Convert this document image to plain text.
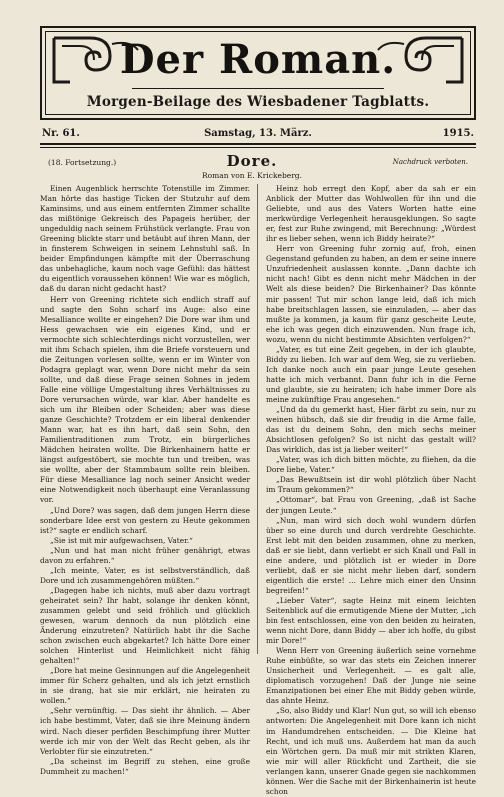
Der Roman.
Morgen-Beilage des Wiesbadener Tagblatts.
Nr. 61.	Samstag, 13. März.	1915.
(18. Fortsetzung.)	Dore.	Nachdruck verboten.
Roman von E. Krickeberg.

Einen Augenblick herrschte Totenstille im Zimmer. Man hörte das hastige Ticken der Stutzuhr auf dem Kaminsims, und aus einem entfernten Zimmer schallte das mißtönige Gekreisch des Papageis herüber, der ungeduldig nach seinem Frühstück verlangte. Frau von Greening blickte starr und betäubt auf ihren Mann, der in finsterem Schweigen in seinem Lehnstuhl saß. In beider Empfindungen kämpfte mit der Überraschung das unbehagliche, kaum noch vage Gefühl: das hättest du eigentlich voraussehen können! Wie war es möglich, daß du daran nicht gedacht hast?

Herr von Greening richtete sich endlich straff auf und sagte den Sohn scharf ins Auge: also eine Mesalliance wollte er eingehen? Die Dore war ihm und Hess gewachsen wie ein eigenes Kind, und er vermochte sich schlechterdings nicht vorzustellen, wer mit ihm Schach spielen, ihm die Briefe vorsteuern und die Zeitungen vorlesen sollte, wenn er im Winter von Podagra geplagt war, wenn Dore nicht mehr da sein sollte, und daß diese Frage seinen Sohnes in jedem Falle eine völlige Umgestaltung ihres Verhältnisses zu Dore verursachen würde, war klar. Aber handelte es sich um ihr Bleiben oder Scheiden; aber was diese ganze Geschichte? Trotzdem er ein liberal denkender Mann war, hat es ihn hart, daß sein Sohn, den Familientraditionen zum Trotz, ein bürgerliches Mädchen heiraten wollte. Die Birkenhainern hatte er längst aufgestöbert, sie mochte tun und treiben, was sie wollte, aber der Stammbaum sollte rein bleiben. Für diese Mesalliance lag noch seiner Ansicht weder eine Notwendigkeit noch überhaupt eine Veranlassung vor.

„Und Dore? was sagen, daß dem jungen Herrn diese sonderbare Idee erst von gestern zu Heute gekommen ist?“ sagte er endlich scharf.

„Sie ist mit mir aufgewachsen, Vater.“

„Nun und hat man nicht früher genährigt, etwas davon zu erfahren.“

„Ich meinte, Vater, es ist selbstverständlich, daß Dore und ich zusammengehören müßten.“

„Dagegen habe ich nichts, muß aber dazu vortragt geheiratet sein? Ihr habt, solange ihr denken könnt, zusammen gelebt und seid fröhlich und glücklich gewesen, warum dennoch da nun plötzlich eine Änderung einzutreten? Natürlich habt ihr die Sache schon zwischen euch abgekartet? Ich hätte Dore einer solchen Hinterlist und Heimlichkeit nicht fähig gehalten!“

„Dore hat meine Gesinnungen auf die Angelegenheit immer für Scherz gehalten, und als ich jetzt ernstlich in sie drang, hat sie mir erklärt, nie heiraten zu wollen.“

„Sehr vernünftig. — Das sieht ihr ähnlich. — Aber ich habe bestimmt, Vater, daß sie ihre Meinung ändern wird. Nach dieser perfiden Beschimpfung ihrer Mutter werde ich mir von der Welt das Recht geben, als ihr Verlobter für sie einzutreten.“

„Da scheinst im Begriff zu stehen, eine große Dummheit zu machen!“

Heinz hob erregt den Kopf, aber da sah er ein Anblick der Mutter das Wohlwollen für ihn und die Geliebte, und aus des Vaters Worten hatte eine merkwürdige Verlegenheit herausgeklungen. So sagte er, fest zur Ruhe zwingend, mit Berechnung: „Würdest ihr es lieber sehen, wenn ich Biddy heirate?“

Herr von Greening fuhr zornig auf, froh, einen Gegenstand gefunden zu haben, an dem er seine innere Unzufriedenheit auslassen konnte. „Dann dachte ich nicht nach! Gibt es denn nicht mehr Mädchen in der Welt als diese beiden? Die Birkenhainer? Das könnte mir passen! Tut mir schon lange leid, daß ich mich habe breitschlagen lassen, sie einzuladen, — aber das mußte ja kommen, ja kaum für ganz gescheite Leute, ehe ich was gegen dich einzuwenden. Nun frage ich, wozu, wenn du nicht bestimmte Absichten verfolgen?“

„Vater, es tut eine Zeit gegeben, in der ich glaubte, Biddy zu lieben. Ich war auf dem Weg, sie zu verlieben. Ich danke noch auch ein paar junge Leute gesehen hatte ich mich verbannt. Dann fuhr ich in die Ferne und glaubte, sie zu heiraten; ich habe immer Dore als meine zukünftige Frau angesehen.“

„Und da du gemerkt hast, Hier färbt zu sein, nur zu weinen hübsch, daß sie dir freudig in die Arme falle, das ist du deinem Sohn, den mich sechs meiner Absichtlosen gefolgen? So ist nicht das gestalt will? Das wirklich, das ist ja lieber weiter!“

„Vater, was ich dich bitten möchte, zu fliehen, da die Dore liebe, Vater.“

„Das Bewußtsein ist dir wohl plötzlich über Nacht im Traum gekommen?“

„Ottomar“, bat Frau von Greening, „daß ist Sache der jungen Leute.“

„Nun, man wird sich doch wohl wundern dürfen über so eine durch und durch verdrehte Geschichte. Erst lebt mit den beiden zusammen, ohne zu merken, daß er sie liebt, dann verliebt er sich Knall und Fall in eine andere, und plötzlich ist er wieder in Dore verliebt, daß er sie nicht mehr lieben darf, sondern eigentlich die erste! … Lehre mich einer den Unsinn begreifen!“

„Lieber Vater“, sagte Heinz mit einem leichten Seitenblick auf die ermutigende Miene der Mutter, „ich bin fest entschlossen, eine von den beiden zu heiraten, wenn nicht Dore, dann Biddy — aber ich hoffe, du gibst mir Dore!“

Wenn Herr von Greening äußerlich seine vornehme Ruhe einbüßte, so war das stets ein Zeichen innerer Unsicherheit und Verlegenheit. — es galt alle, diplomatisch vorzugehen! Daß der Junge nie seine Emanzipationen bei einer Ehe mit Biddy geben würde, das ahnte Heinz.

„So, also Biddy und Klar! Nun gut, so will ich ebenso antworten: Die Angelegenheit mit Dore kann ich nicht im Handumdrehen entscheiden. — Die Kleine hat Recht, und ich muß uns. Außerdem hat man da auch ein Wörtchen gern. Da muß mir mit strikten Klaren, wie mir will aller Rückficht und Zartheit, die sie verlangen kann, unserer Gnade gegen sie nachkommen können. Wer die Sache mit der Birkenhainerin ist heute schon
